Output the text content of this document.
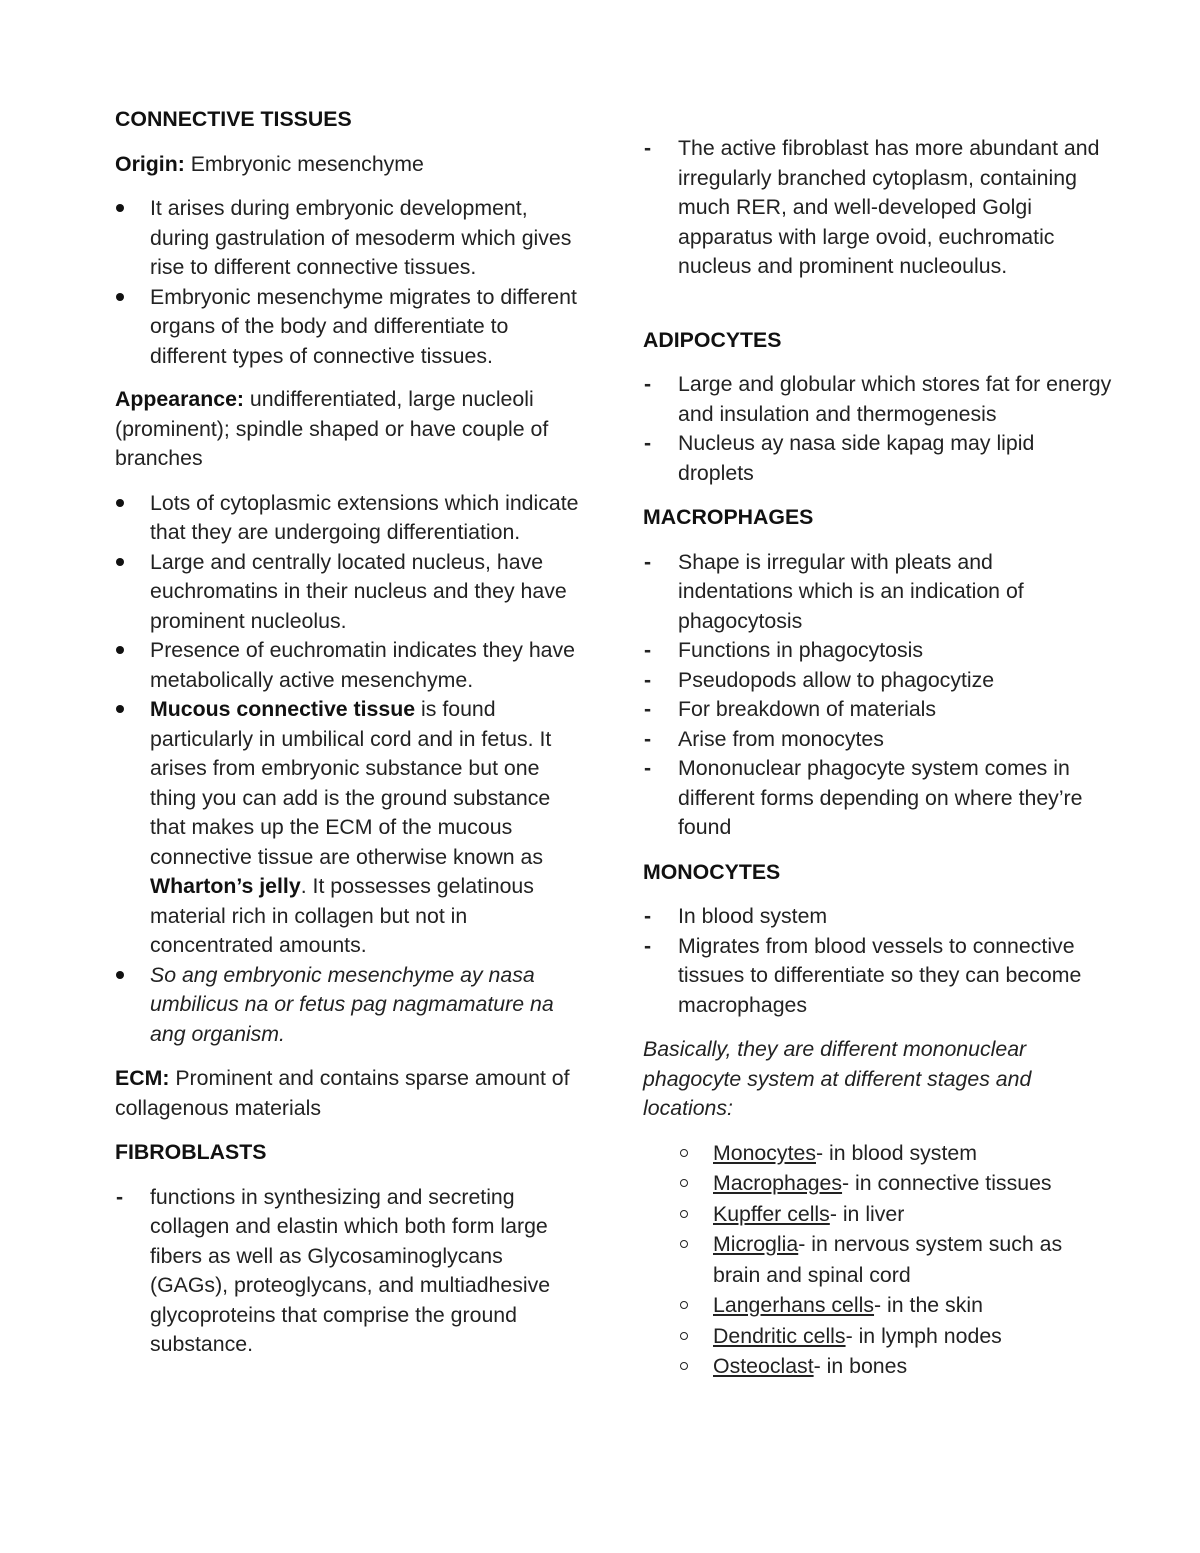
CONNECTIVE TISSUES

Origin: Embryonic mesenchyme

It arises during embryonic development, during gastrulation of mesoderm which gives rise to different connective tissues.
Embryonic mesenchyme migrates to different organs of the body and differentiate to different types of connective tissues.

Appearance: undifferentiated, large nucleoli (prominent); spindle shaped or have couple of branches

Lots of cytoplasmic extensions which indicate that they are undergoing differentiation.
Large and centrally located nucleus, have euchromatins in their nucleus and they have prominent nucleolus.
Presence of euchromatin indicates they have metabolically active mesenchyme.
Mucous connective tissue is found particularly in umbilical cord and in fetus. It arises from embryonic substance but one thing you can add is the ground substance that makes up the ECM of the mucous connective tissue are otherwise known as Wharton’s jelly. It possesses gelatinous material rich in collagen but not in concentrated amounts.
So ang embryonic mesenchyme ay nasa umbilicus na or fetus pag nagmamature na ang organism.

ECM: Prominent and contains sparse amount of collagenous materials

FIBROBLASTS

- functions in synthesizing and secreting collagen and elastin which both form large fibers as well as Glycosaminoglycans (GAGs), proteoglycans, and multiadhesive glycoproteins that comprise the ground substance.
- The active fibroblast has more abundant and irregularly branched cytoplasm, containing much RER, and well-developed Golgi apparatus with large ovoid, euchromatic nucleus and prominent nucleoulus.

ADIPOCYTES

- Large and globular which stores fat for energy and insulation and thermogenesis
- Nucleus ay nasa side kapag may lipid droplets

MACROPHAGES

- Shape is irregular with pleats and indentations which is an indication of phagocytosis
- Functions in phagocytosis
- Pseudopods allow to phagocytize
- For breakdown of materials
- Arise from monocytes
- Mononuclear phagocyte system comes in different forms depending on where they’re found

MONOCYTES

- In blood system
- Migrates from blood vessels to connective tissues to differentiate so they can become macrophages

Basically, they are different mononuclear phagocyte system at different stages and locations:

Monocytes- in blood system
Macrophages- in connective tissues
Kupffer cells- in liver
Microglia- in nervous system such as brain and spinal cord
Langerhans cells- in the skin
Dendritic cells- in lymph nodes
Osteoclast- in bones
